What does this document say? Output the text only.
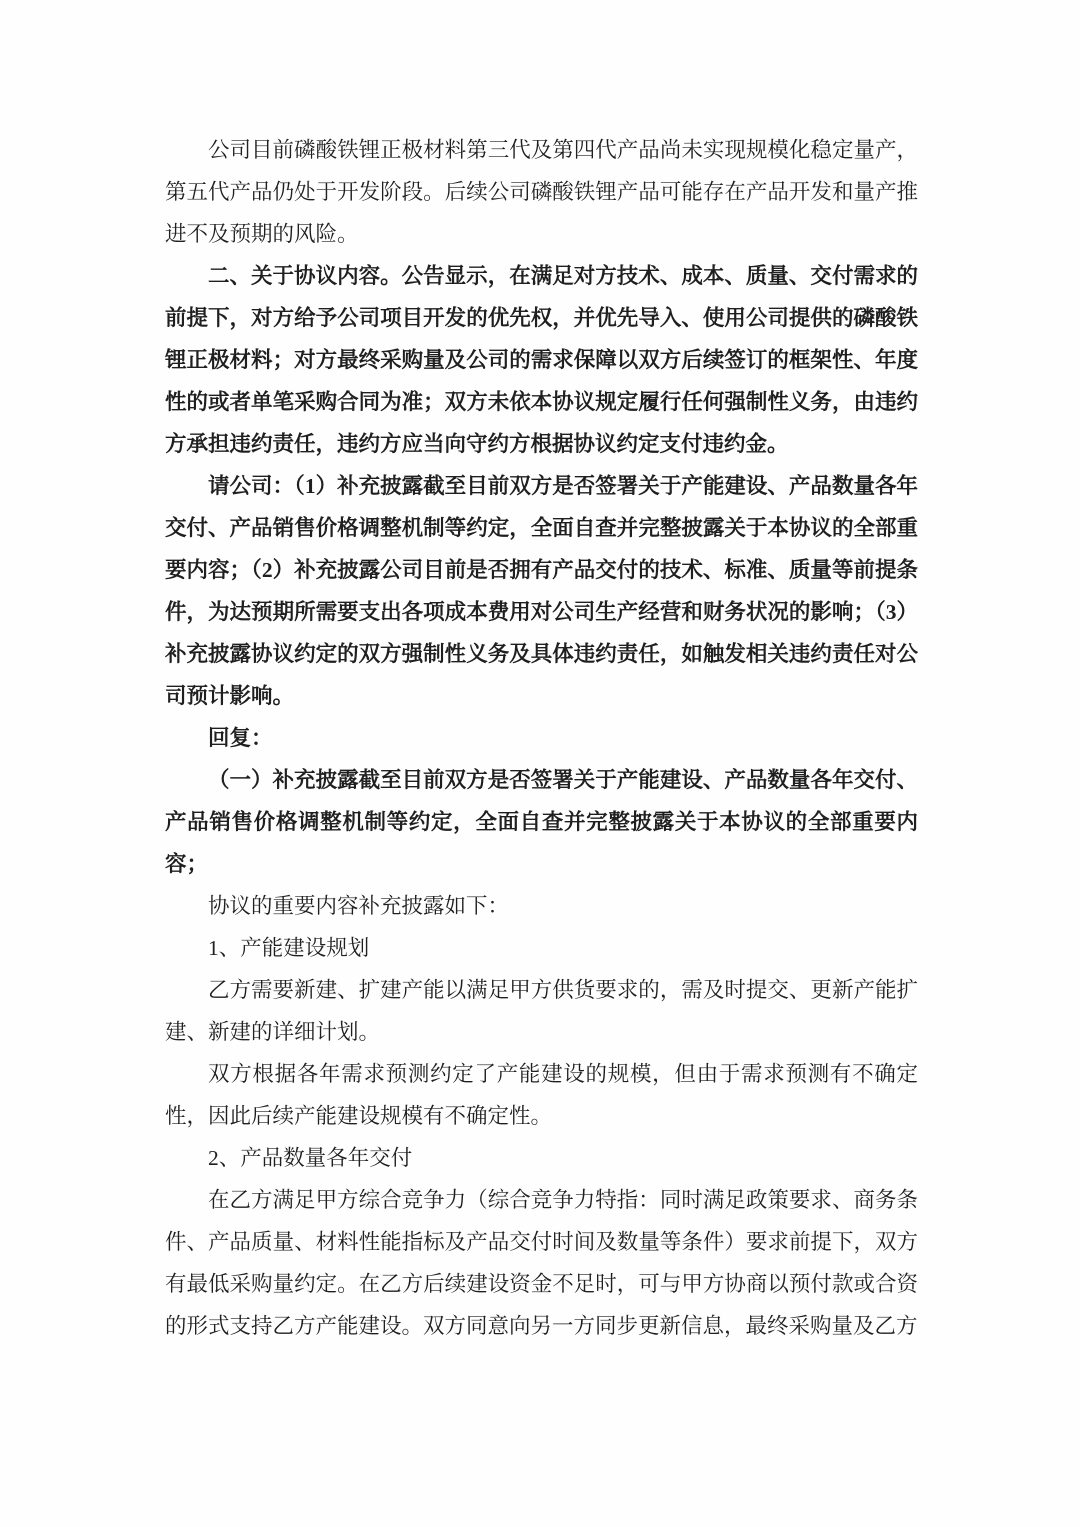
公司目前磷酸铁锂正极材料第三代及第四代产品尚未实现规模化稳定量产，第五代产品仍处于开发阶段。后续公司磷酸铁锂产品可能存在产品开发和量产推进不及预期的风险。

二、关于协议内容。公告显示，在满足对方技术、成本、质量、交付需求的前提下，对方给予公司项目开发的优先权，并优先导入、使用公司提供的磷酸铁锂正极材料；对方最终采购量及公司的需求保障以双方后续签订的框架性、年度性的或者单笔采购合同为准；双方未依本协议规定履行任何强制性义务，由违约方承担违约责任，违约方应当向守约方根据协议约定支付违约金。

请公司：（1）补充披露截至目前双方是否签署关于产能建设、产品数量各年交付、产品销售价格调整机制等约定，全面自查并完整披露关于本协议的全部重要内容；（2）补充披露公司目前是否拥有产品交付的技术、标准、质量等前提条件，为达预期所需要支出各项成本费用对公司生产经营和财务状况的影响；（3）补充披露协议约定的双方强制性义务及具体违约责任，如触发相关违约责任对公司预计影响。

回复：

（一）补充披露截至目前双方是否签署关于产能建设、产品数量各年交付、产品销售价格调整机制等约定，全面自查并完整披露关于本协议的全部重要内容；

协议的重要内容补充披露如下：

1、产能建设规划

乙方需要新建、扩建产能以满足甲方供货要求的，需及时提交、更新产能扩建、新建的详细计划。

双方根据各年需求预测约定了产能建设的规模，但由于需求预测有不确定性，因此后续产能建设规模有不确定性。

2、产品数量各年交付

在乙方满足甲方综合竞争力（综合竞争力特指：同时满足政策要求、商务条件、产品质量、材料性能指标及产品交付时间及数量等条件）要求前提下，双方有最低采购量约定。在乙方后续建设资金不足时，可与甲方协商以预付款或合资的形式支持乙方产能建设。双方同意向另一方同步更新信息，最终采购量及乙方
